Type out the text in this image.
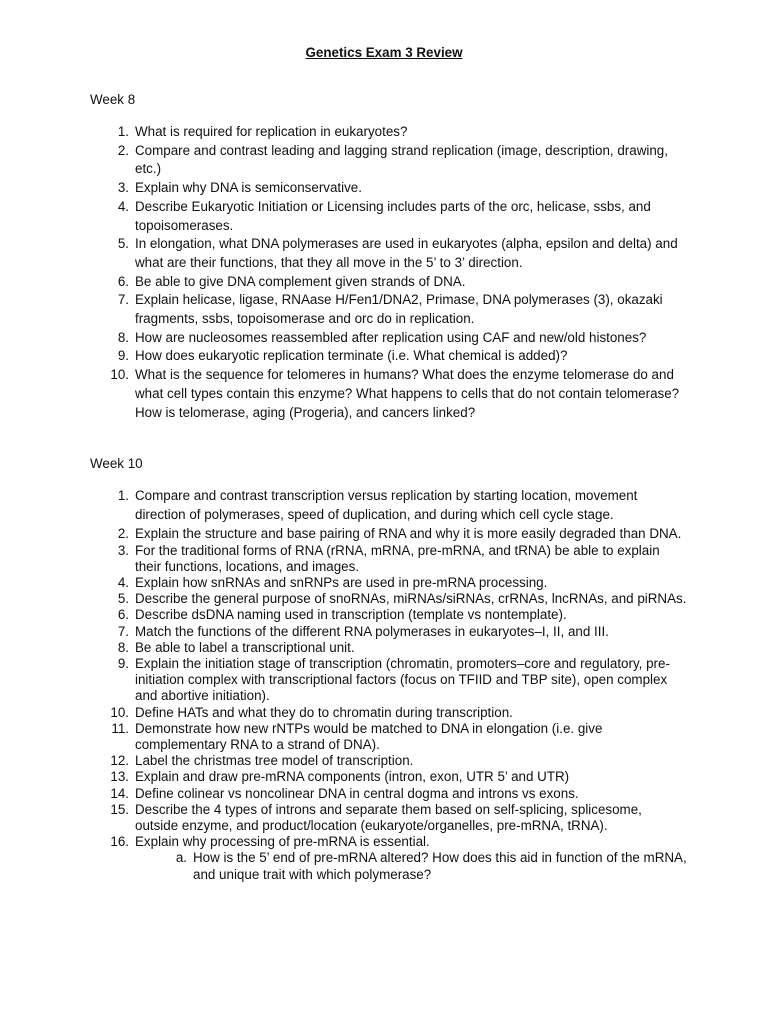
Genetics Exam 3 Review
Week 8
1. What is required for replication in eukaryotes?
2. Compare and contrast leading and lagging strand replication (image, description, drawing, etc.)
3. Explain why DNA is semiconservative.
4. Describe Eukaryotic Initiation or Licensing includes parts of the orc, helicase, ssbs, and topoisomerases.
5. In elongation, what DNA polymerases are used in eukaryotes (alpha, epsilon and delta) and what are their functions, that they all move in the 5’ to 3’ direction.
6. Be able to give DNA complement given strands of DNA.
7. Explain helicase, ligase, RNAase H/Fen1/DNA2, Primase, DNA polymerases (3), okazaki fragments, ssbs, topoisomerase and orc do in replication.
8. How are nucleosomes reassembled after replication using CAF and new/old histones?
9. How does eukaryotic replication terminate (i.e. What chemical is added)?
10. What is the sequence for telomeres in humans? What does the enzyme telomerase do and what cell types contain this enzyme? What happens to cells that do not contain telomerase? How is telomerase, aging (Progeria), and cancers linked?
Week 10
1. Compare and contrast transcription versus replication by starting location, movement direction of polymerases, speed of duplication, and during which cell cycle stage.
2. Explain the structure and base pairing of RNA and why it is more easily degraded than DNA.
3. For the traditional forms of RNA (rRNA, mRNA, pre-mRNA, and tRNA) be able to explain their functions, locations, and images.
4. Explain how snRNAs and snRNPs are used in pre-mRNA processing.
5. Describe the general purpose of snoRNAs, miRNAs/siRNAs, crRNAs, lncRNAs, and piRNAs.
6. Describe dsDNA naming used in transcription (template vs nontemplate).
7. Match the functions of the different RNA polymerases in eukaryotes–I, II, and III.
8. Be able to label a transcriptional unit.
9. Explain the initiation stage of transcription (chromatin, promoters–core and regulatory, pre-initiation complex with transcriptional factors (focus on TFIID and TBP site), open complex and abortive initiation).
10. Define HATs and what they do to chromatin during transcription.
11. Demonstrate how new rNTPs would be matched to DNA in elongation (i.e. give complementary RNA to a strand of DNA).
12. Label the christmas tree model of transcription.
13. Explain and draw pre-mRNA components (intron, exon, UTR 5’ and UTR)
14. Define colinear vs noncolinear DNA in central dogma and introns vs exons.
15. Describe the 4 types of introns and separate them based on self-splicing, splicesome, outside enzyme, and product/location (eukaryote/organelles, pre-mRNA, tRNA).
16. Explain why processing of pre-mRNA is essential.
a. How is the 5’ end of pre-mRNA altered? How does this aid in function of the mRNA, and unique trait with which polymerase?
